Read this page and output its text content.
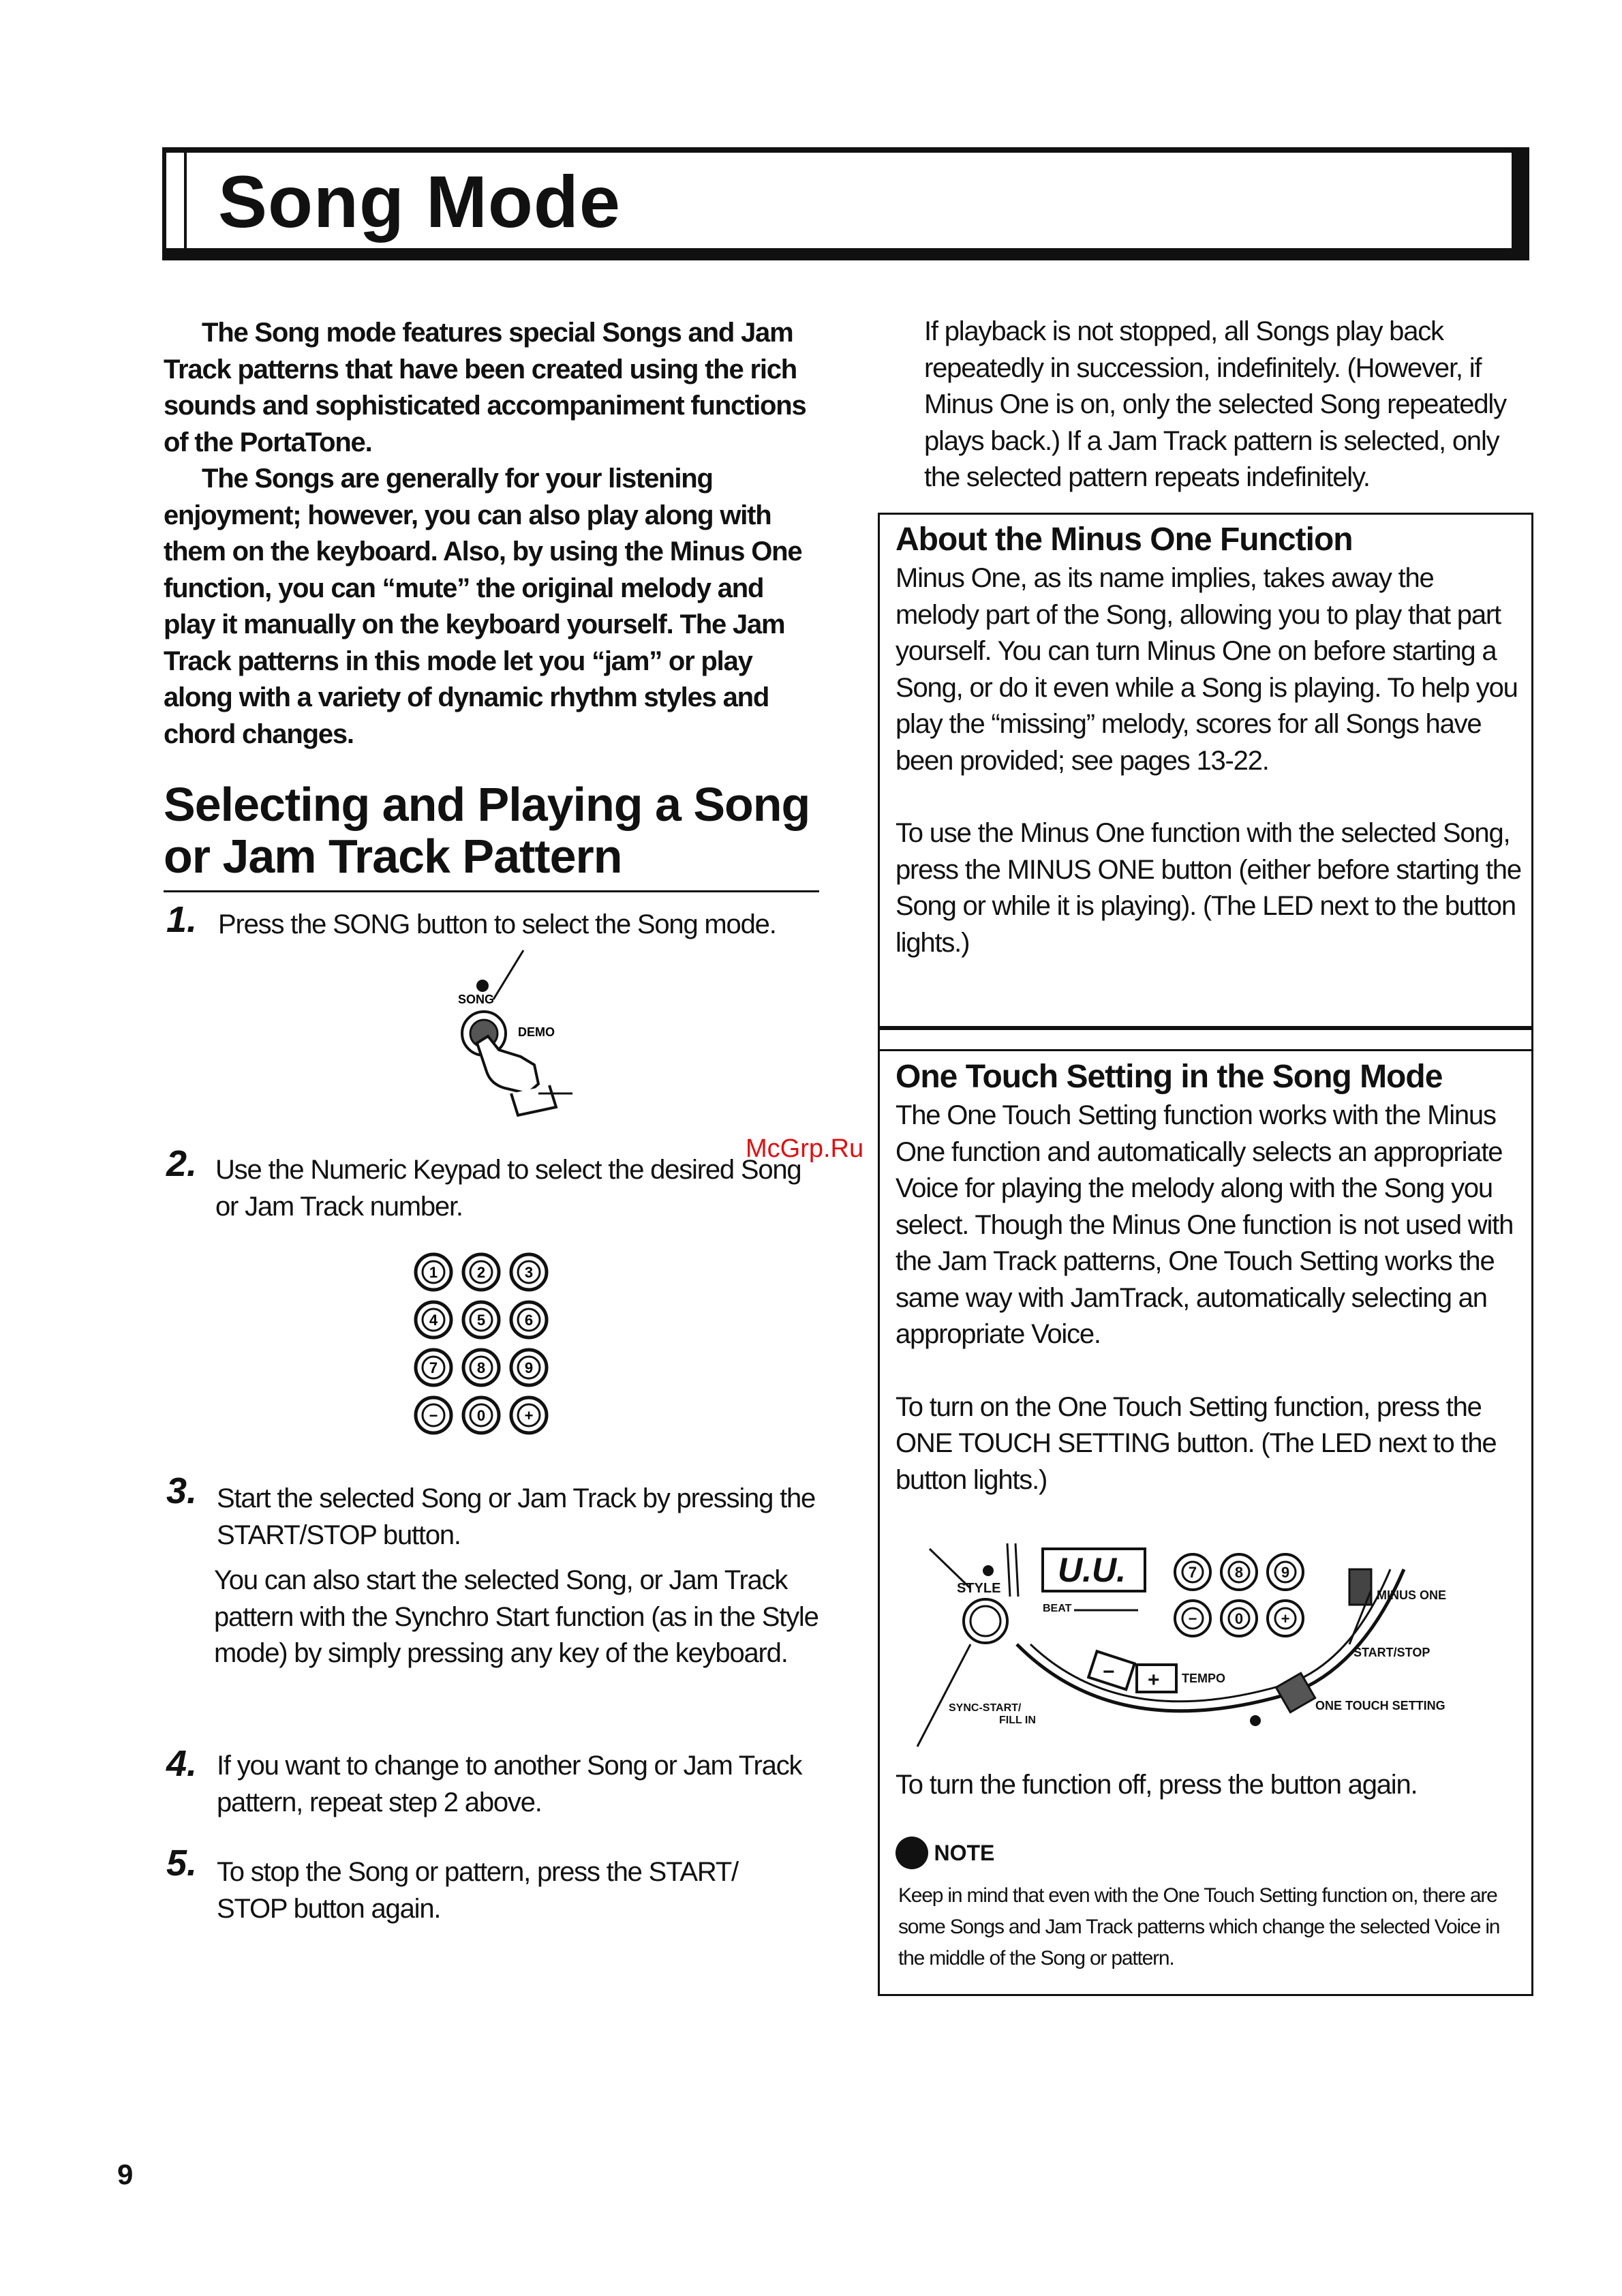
Song Mode

The Song mode features special Songs and Jam Track patterns that have been created using the rich sounds and sophisticated accompaniment functions of the PortaTone.

The Songs are generally for your listening enjoyment; however, you can also play along with them on the keyboard. Also, by using the Minus One function, you can “mute” the original melody and play it manually on the keyboard yourself. The Jam Track patterns in this mode let you “jam” or play along with a variety of dynamic rhythm styles and chord changes.

Selecting and Playing a Song
or Jam Track Pattern
1. Press the SONG button to select the Song mode.
SONG
DEMO
2. Use the Numeric Keypad to select the desired Song or Jam Track number.
1	2	3
4	5	6
7	8	9
−	0	+
3. Start the selected Song or Jam Track by pressing the START/STOP button.
You can also start the selected Song, or Jam Track pattern with the Synchro Start function (as in the Style mode) by simply pressing any key of the keyboard.
4. If you want to change to another Song or Jam Track pattern, repeat step 2 above.
5. To stop the Song or pattern, press the START/ STOP button again.
If playback is not stopped, all Songs play back repeatedly in succession, indefinitely. (However, if Minus One is on, only the selected Song repeatedly plays back.) If a Jam Track pattern is selected, only the selected pattern repeats indefinitely.
About the Minus One Function
Minus One, as its name implies, takes away the melody part of the Song, allowing you to play that part yourself. You can turn Minus One on before starting a Song, or do it even while a Song is playing. To help you play the “missing” melody, scores for all Songs have been provided; see pages 13-22.
To use the Minus One function with the selected Song, press the MINUS ONE button (either before starting the Song or while it is playing). (The LED next to the button lights.)
One Touch Setting in the Song Mode
The One Touch Setting function works with the Minus One function and automatically selects an appropriate Voice for playing the melody along with the Song you select. Though the Minus One function is not used with the Jam Track patterns, One Touch Setting works the same way with JamTrack, automatically selecting an appropriate Voice.
To turn on the One Touch Setting function, press the ONE TOUCH SETTING button. (The LED next to the button lights.)
STYLE U.U.
BEAT
− + TEMPO
SYNC-START/
FILL IN
7	8	9
−	0	+
MINUS ONE
START/STOP
ONE TOUCH SETTING
To turn the function off, press the button again.
NOTE
Keep in mind that even with the One Touch Setting function on, there are some Songs and Jam Track patterns which change the selected Voice in the middle of the Song or pattern.
McGrp.Ru
9
